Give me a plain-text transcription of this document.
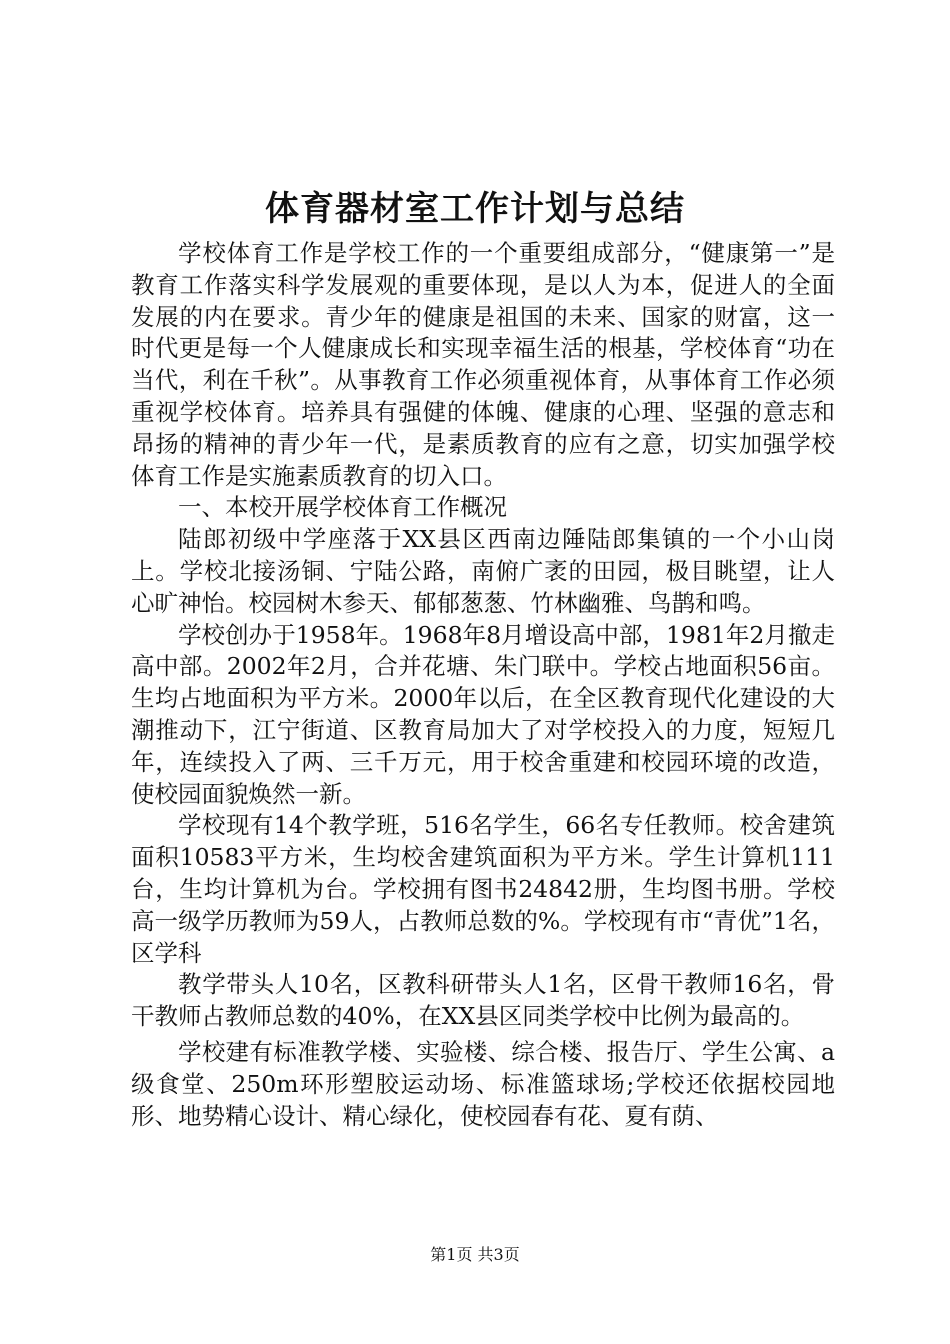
体育器材室工作计划与总结

学校体育工作是学校工作的一个重要组成部分，“健康第一”是教育工作落实科学发展观的重要体现，是以人为本，促进人的全面发展的内在要求。青少年的健康是祖国的未来、国家的财富，这一时代更是每一个人健康成长和实现幸福生活的根基，学校体育“功在当代，利在千秋”。从事教育工作必须重视体育，从事体育工作必须重视学校体育。培养具有强健的体魄、健康的心理、坚强的意志和昂扬的精神的青少年一代，是素质教育的应有之意，切实加强学校体育工作是实施素质教育的切入口。

一、本校开展学校体育工作概况

陆郎初级中学座落于XX县区西南边陲陆郎集镇的一个小山岗上。学校北接汤铜、宁陆公路，南俯广袤的田园，极目眺望，让人心旷神怡。校园树木参天、郁郁葱葱、竹林幽雅、鸟鹊和鸣。

学校创办于1958年。1968年8月增设高中部，1981年2月撤走高中部。2002年2月，合并花塘、朱门联中。学校占地面积56亩。生均占地面积为平方米。2000年以后，在全区教育现代化建设的大潮推动下，江宁街道、区教育局加大了对学校投入的力度，短短几年，连续投入了两、三千万元，用于校舍重建和校园环境的改造，使校园面貌焕然一新。

学校现有14个教学班，516名学生，66名专任教师。校舍建筑面积10583平方米，生均校舍建筑面积为平方米。学生计算机111台，生均计算机为台。学校拥有图书24842册，生均图书册。学校高一级学历教师为59人，占教师总数的%。学校现有市“青优”1名，区学科

教学带头人10名，区教科研带头人1名，区骨干教师16名，骨干教师占教师总数的40%，在XX县区同类学校中比例为最高的。

学校建有标准教学楼、实验楼、综合楼、报告厅、学生公寓、a级食堂、250m环形塑胶运动场、标准篮球场;学校还依据校园地形、地势精心设计、精心绿化，使校园春有花、夏有荫、

第1页 共3页
